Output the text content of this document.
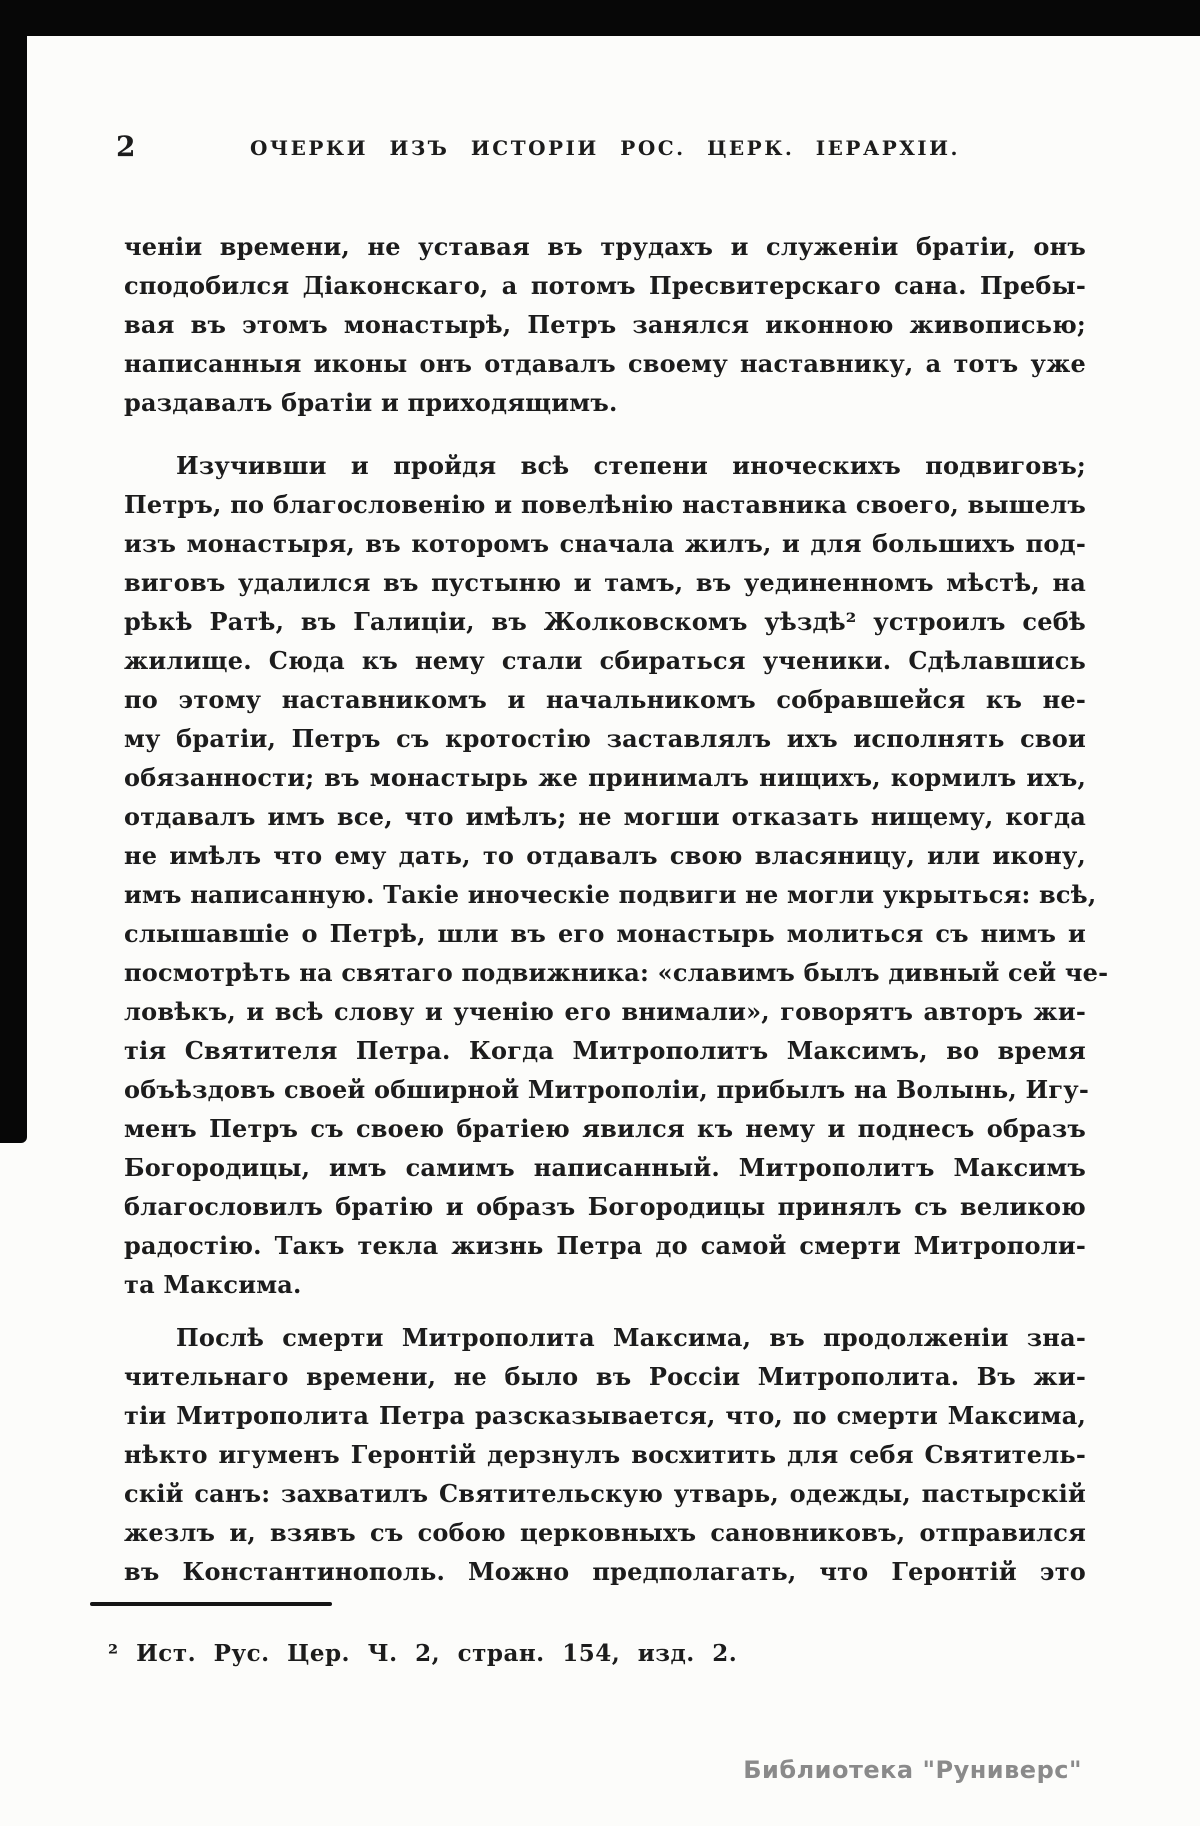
2	ОЧЕРКИ ИЗЪ ИСТОРІИ РОС. ЦЕРК. ІЕРАРХІИ.
ченіи времени, не уставая въ трудахъ и служеніи братіи, онъ
сподобился Діаконскаго, а потомъ Пресвитерскаго сана. Пребы-
вая въ этомъ монастырѣ, Петръ занялся иконною живописью;
написанныя иконы онъ отдавалъ своему наставнику, а тотъ уже
раздавалъ братіи и приходящимъ.
Изучивши и пройдя всѣ степени иноческихъ подвиговъ;
Петръ, по благословенію и повелѣнію наставника своего, вышелъ
изъ монастыря, въ которомъ сначала жилъ, и для большихъ под-
виговъ удалился въ пустыню и тамъ, въ уединенномъ мѣстѣ, на
рѣкѣ Ратѣ, въ Галиціи, въ Жолковскомъ уѣздѣ² устроилъ себѣ
жилище. Сюда къ нему стали сбираться ученики. Сдѣлавшись
по этому наставникомъ и начальникомъ собравшейся къ не-
му братіи, Петръ съ кротостію заставлялъ ихъ исполнять свои
обязанности; въ монастырь же принималъ нищихъ, кормилъ ихъ,
отдавалъ имъ все, что имѣлъ; не могши отказать нищему, когда
не имѣлъ что ему дать, то отдавалъ свою власяницу, или икону,
имъ написанную. Такіе иноческіе подвиги не могли укрыться: всѣ,
слышавшіе о Петрѣ, шли въ его монастырь молиться съ нимъ и
посмотрѣть на святаго подвижника: «славимъ былъ дивный сей че-
ловѣкъ, и всѣ слову и ученію его внимали», говорятъ авторъ жи-
тія Святителя Петра. Когда Митрополитъ Максимъ, во время
объѣздовъ своей обширной Митрополіи, прибылъ на Волынь, Игу-
менъ Петръ съ своею братіею явился къ нему и поднесъ образъ
Богородицы, имъ самимъ написанный. Митрополитъ Максимъ
благословилъ братію и образъ Богородицы принялъ съ великою
радостію. Такъ текла жизнь Петра до самой смерти Митрополи-
та Максима.
Послѣ смерти Митрополита Максима, въ продолженіи зна-
чительнаго времени, не было въ Россіи Митрополита. Въ жи-
тіи Митрополита Петра разсказывается, что, по смерти Максима,
нѣкто игуменъ Геронтій дерзнулъ восхитить для себя Святитель-
скій санъ: захватилъ Святительскую утварь, одежды, пастырскій
жезлъ и, взявъ съ собою церковныхъ сановниковъ, отправился
въ Константинополь. Можно предполагать, что Геронтій это
² Ист. Рус. Цер. Ч. 2, стран. 154, изд. 2.
Библиотека "Руниверс"
